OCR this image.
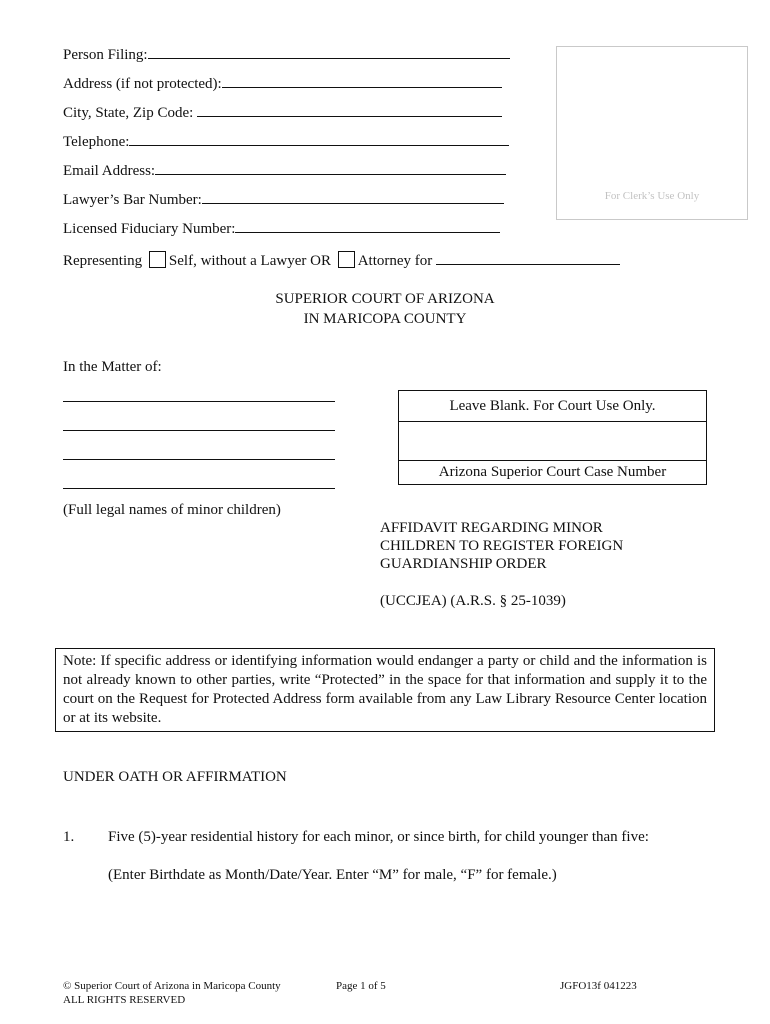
Person Filing:
Address (if not protected):
City, State, Zip Code:
Telephone:
Email Address:
Lawyer’s Bar Number:
Licensed Fiduciary Number:
Representing Self, without a Lawyer OR Attorney for
For Clerk’s Use Only
SUPERIOR COURT OF ARIZONA
IN MARICOPA COUNTY
In the Matter of:
(Full legal names of minor children)
Leave Blank. For Court Use Only.
Arizona Superior Court Case Number
AFFIDAVIT REGARDING MINOR
CHILDREN TO REGISTER FOREIGN
GUARDIANSHIP ORDER
(UCCJEA) (A.R.S. § 25-1039)
Note: If specific address or identifying information would endanger a party or child and the information is not already known to other parties, write “Protected” in the space for that information and supply it to the court on the Request for Protected Address form available from any Law Library Resource Center location or at its website.
UNDER OATH OR AFFIRMATION
1. Five (5)-year residential history for each minor, or since birth, for child younger than five:
(Enter Birthdate as Month/Date/Year. Enter “M” for male, “F” for female.)
© Superior Court of Arizona in Maricopa County
ALL RIGHTS RESERVED
Page 1 of 5	JGFO13f 041223
